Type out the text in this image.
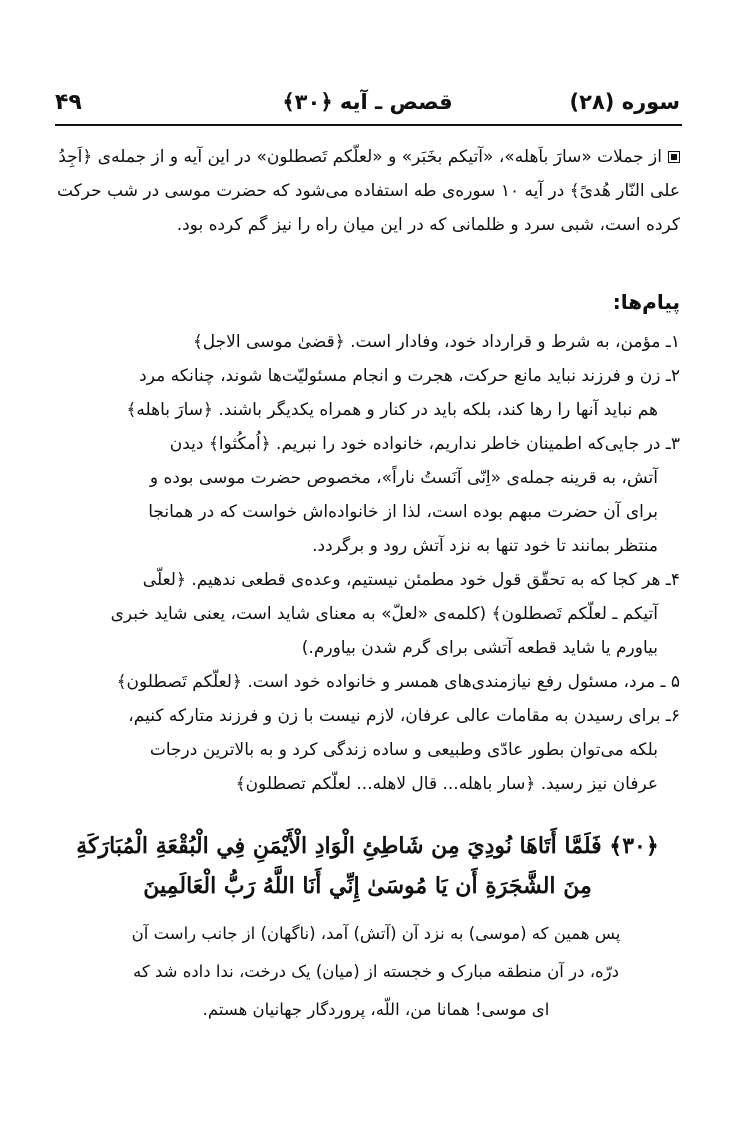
سوره (۲۸)
قصص ـ آیه ﴿۳۰﴾
۴۹
از جملات «سارَ باَهله»، «آتیکم بخَبَر» و «لعلّکم تَصطلون» در این آیه و از جمله‌ی ﴿اَجِدُ
علی النّار هُدیً﴾ در آیه ۱۰ سوره‌ی طه استفاده می‌شود که حضرت موسی در شب حرکت
کرده است، شبی سرد و ظلمانی که در این میان راه را نیز گم کرده بود.
پیام‌ها:
۱ـ مؤمن، به شرط و قرارداد خود، وفادار است. ﴿قضیٰ موسی الاجل﴾
۲ـ زن و فرزند نباید مانع حرکت، هجرت و انجام مسئولیّت‌ها شوند، چنانکه مرد
هم نباید آنها را رها کند، بلکه باید در کنار و همراه یکدیگر باشند. ﴿سارَ باهله﴾
۳ـ در جایی‌که اطمینان خاطر نداریم، خانواده خود را نبریم. ﴿اُمکُثوا﴾ دیدن
آتش، به قرینه جمله‌ی «اِنّی آنَستُ ناراً»، مخصوص حضرت موسی بوده و
برای آن حضرت مبهم بوده است، لذا از خانواده‌اش خواست که در همانجا
منتظر بمانند تا خود تنها به نزد آتش رود و برگردد.
۴ـ هر کجا که به تحقّق قول خود مطمئن نیستیم، وعده‌ی قطعی ندهیم. ﴿لعلّی
آتیکم ـ لعلّکم تَصطلون﴾ (کلمه‌ی «لعلّ» به معنای شاید است، یعنی شاید خبری
بیاورم یا شاید قطعه آتشی برای گرم شدن بیاورم.)
۵ ـ مرد، مسئول رفع نیازمندی‌های همسر و خانواده خود است. ﴿لعلّکم تَصطلون﴾
۶ـ برای رسیدن به مقامات عالی عرفان، لازم نیست با زن و فرزند متارکه کنیم،
بلکه می‌توان بطور عادّی وطبیعی و ساده زندگی کرد و به بالاترین درجات
عرفان نیز رسید. ﴿سار باهله... قال لاهله... لعلّکم تصطلون﴾
﴿۳۰﴾ فَلَمَّا أَتَاهَا نُودِيَ مِن شَاطِئِ الْوَادِ الْأَيْمَنِ فِي الْبُقْعَةِ الْمُبَارَكَةِ
مِنَ الشَّجَرَةِ أَن يَا مُوسَىٰ إِنِّي أَنَا اللَّهُ رَبُّ الْعَالَمِينَ
پس همین که (موسی) به نزد آن (آتش) آمد، (ناگهان) از جانب راست آن
درّه، در آن منطقه مبارک و خجسته از (میان) یک درخت، ندا داده شد که
ای موسی! همانا من، اللّه، پروردگار جهانیان هستم.
